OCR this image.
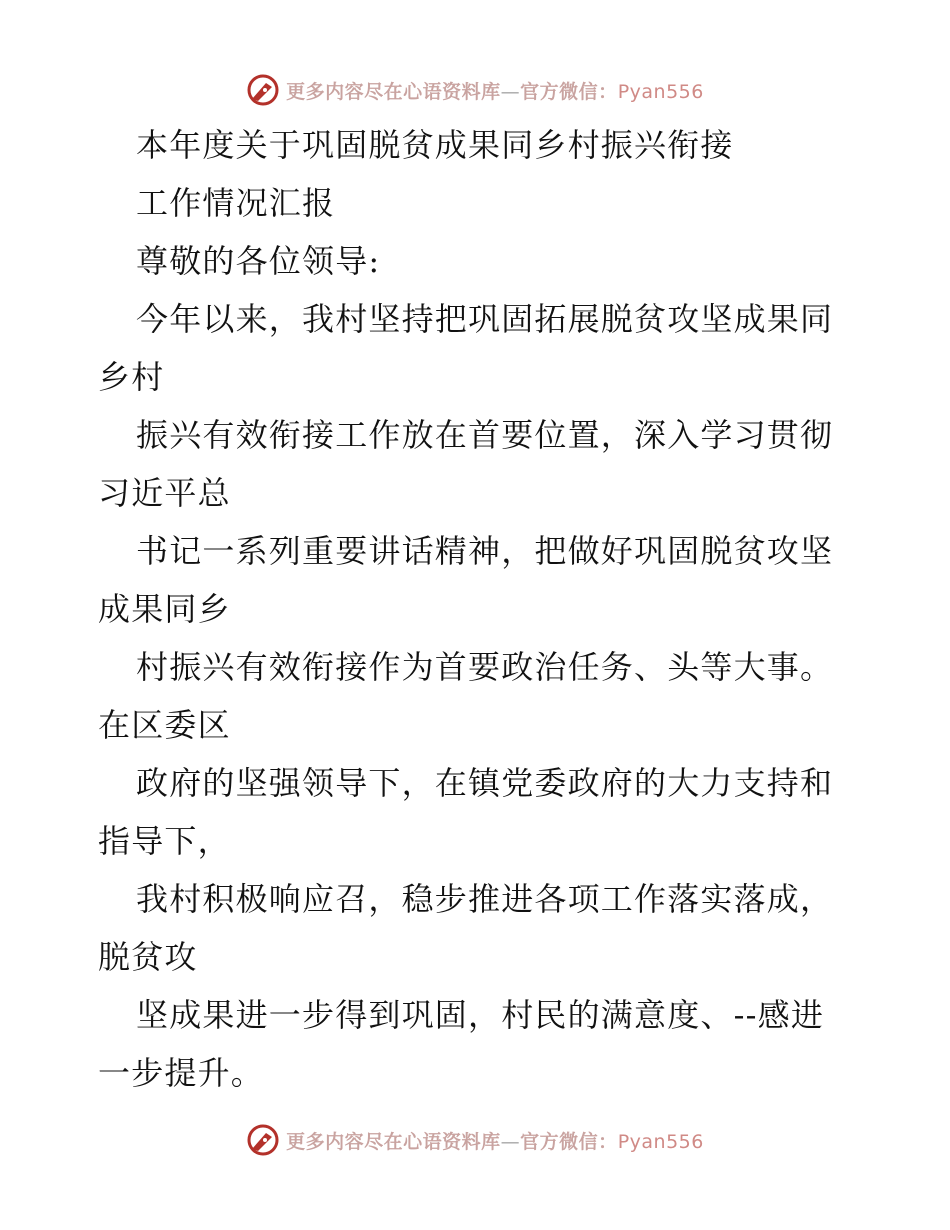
更多内容尽在心语资料库—官方微信：Pyan556
本年度关于巩固脱贫成果同乡村振兴衔接
工作情况汇报
尊敬的各位领导:
今年以来，我村坚持把巩固拓展脱贫攻坚成果同
乡村
振兴有效衔接工作放在首要位置，深入学习贯彻
习近平总
书记一系列重要讲话精神，把做好巩固脱贫攻坚
成果同乡
村振兴有效衔接作为首要政治任务、头等大事。
在区委区
政府的坚强领导下，在镇党委政府的大力支持和
指导下，
我村积极响应召，稳步推进各项工作落实落成，
脱贫攻
坚成果进一步得到巩固，村民的满意度、--感进
一步提升。
更多内容尽在心语资料库—官方微信：Pyan556
